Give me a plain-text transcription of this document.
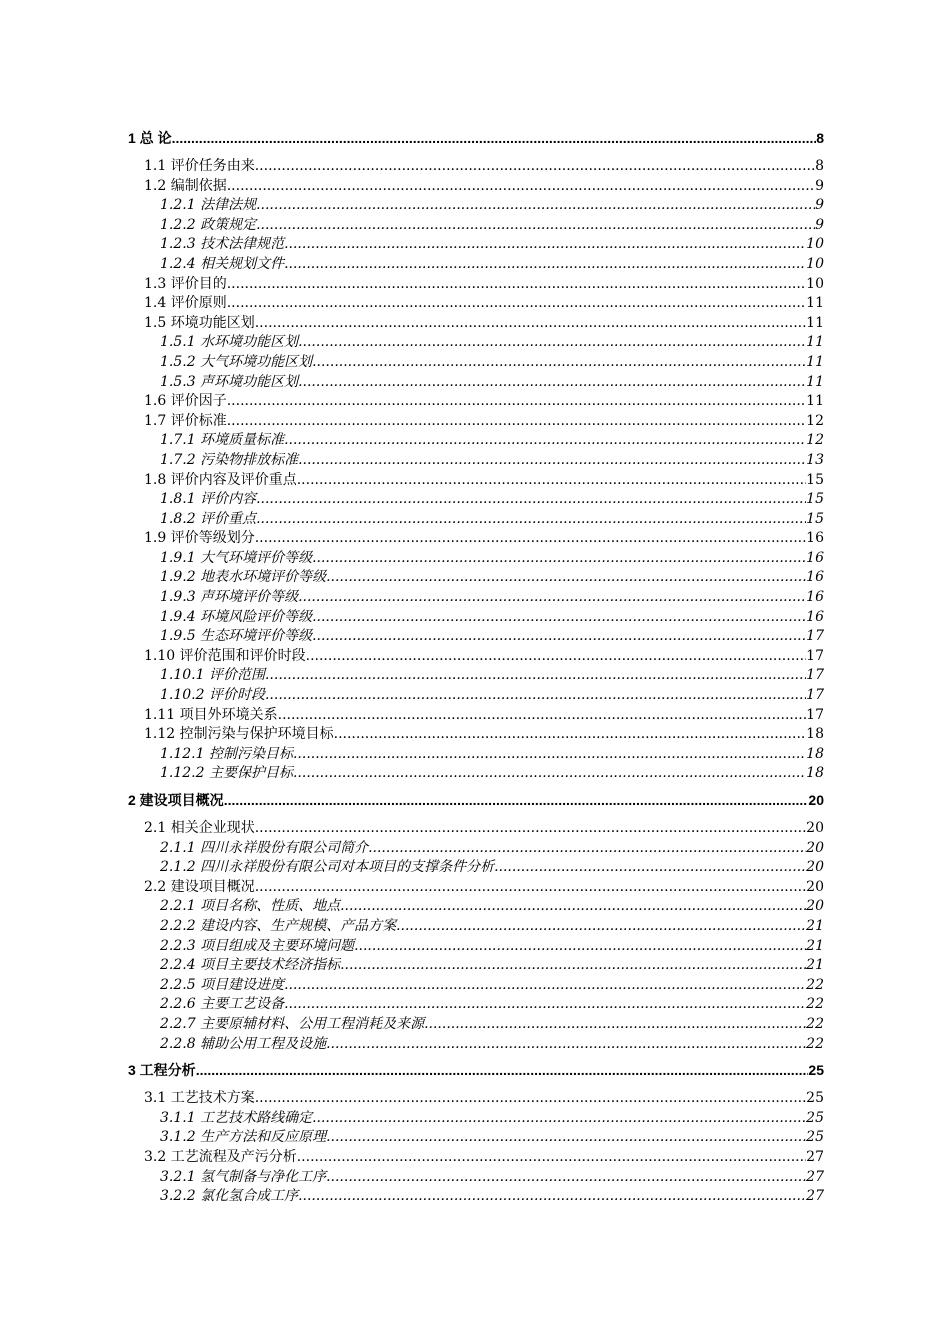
1 总 论 .....	8
1.1 评价任务由来 .....	8
1.2 编制依据 .....	9
1.2.1 法律法规 .....	9
1.2.2 政策规定 .....	9
1.2.3 技术法律规范 .....	10
1.2.4 相关规划文件 .....	10
1.3 评价目的 .....	10
1.4 评价原则 .....	11
1.5 环境功能区划 .....	11
1.5.1 水环境功能区划 .....	11
1.5.2 大气环境功能区划 .....	11
1.5.3 声环境功能区划 .....	11
1.6 评价因子 .....	11
1.7 评价标准 .....	12
1.7.1 环境质量标准 .....	12
1.7.2 污染物排放标准 .....	13
1.8 评价内容及评价重点 .....	15
1.8.1 评价内容 .....	15
1.8.2 评价重点 .....	15
1.9 评价等级划分 .....	16
1.9.1 大气环境评价等级 .....	16
1.9.2 地表水环境评价等级 .....	16
1.9.3 声环境评价等级 .....	16
1.9.4 环境风险评价等级 .....	16
1.9.5 生态环境评价等级 .....	17
1.10 评价范围和评价时段 .....	17
1.10.1 评价范围 .....	17
1.10.2 评价时段 .....	17
1.11 项目外环境关系 .....	17
1.12 控制污染与保护环境目标 .....	18
1.12.1 控制污染目标 .....	18
1.12.2 主要保护目标 .....	18
2 建设项目概况 .....	20
2.1 相关企业现状 .....	20
2.1.1 四川永祥股份有限公司简介 .....	20
2.1.2 四川永祥股份有限公司对本项目的支撑条件分析 .....	20
2.2 建设项目概况 .....	20
2.2.1 项目名称、性质、地点 .....	20
2.2.2 建设内容、生产规模、产品方案 .....	21
2.2.3 项目组成及主要环境问题 .....	21
2.2.4 项目主要技术经济指标 .....	21
2.2.5 项目建设进度 .....	22
2.2.6 主要工艺设备 .....	22
2.2.7 主要原辅材料、公用工程消耗及来源 .....	22
2.2.8 辅助公用工程及设施 .....	22
3 工程分析 .....	25
3.1 工艺技术方案 .....	25
3.1.1 工艺技术路线确定 .....	25
3.1.2 生产方法和反应原理 .....	25
3.2 工艺流程及产污分析 .....	27
3.2.1 氢气制备与净化工序 .....	27
3.2.2 氯化氢合成工序 .....	27
